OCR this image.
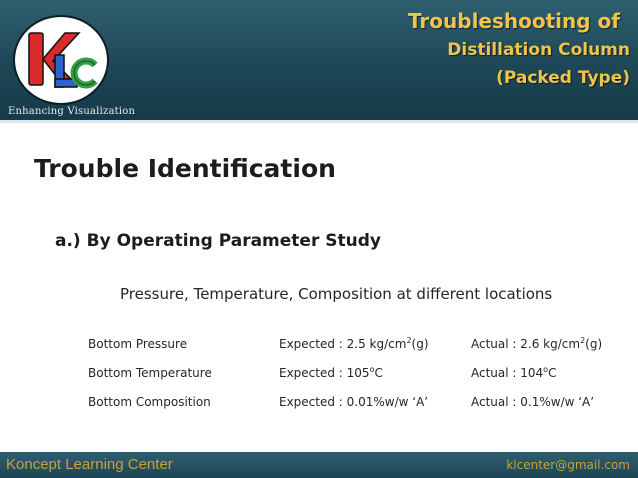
Enhancing Visualization
Troubleshooting of
Distillation Column
(Packed Type)
Trouble Identification
a.) By Operating Parameter Study
Pressure, Temperature, Composition at different locations
Bottom Pressure	Expected : 2.5 $kg/cm^2(g)$	Actual : 2.6 $kg/cm^2(g)$
Bottom Temperature	Expected : 105$^o$C	Actual : 104$^o$C
Bottom Composition	Expected : 0.01%w/w ‘A’	Actual : 0.1%w/w ‘A’
Koncept Learning Center	klcenter@gmail.com
